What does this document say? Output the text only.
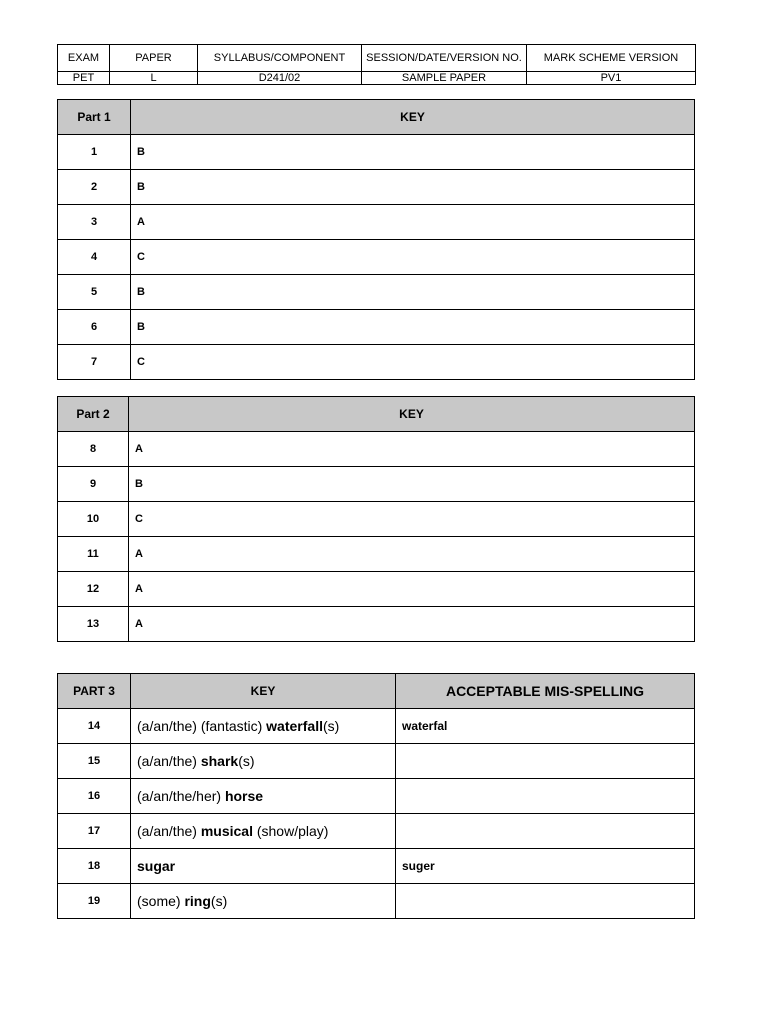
EXAM	PAPER	SYLLABUS/COMPONENT	SESSION/DATE/VERSION NO.	MARK SCHEME VERSION
PET	L	D241/02	SAMPLE PAPER	PV1
Part 1	KEY
1	B
2	B
3	A
4	C
5	B
6	B
7	C
Part 2	KEY
8	A
9	B
10	C
11	A
12	A
13	A
PART 3	KEY	ACCEPTABLE MIS-SPELLING
14	(a/an/the) (fantastic) waterfall(s)	waterfal
15	(a/an/the) shark(s)	
16	(a/an/the/her) horse	
17	(a/an/the) musical (show/play)	
18	sugar	suger
19	(some) ring(s)	
